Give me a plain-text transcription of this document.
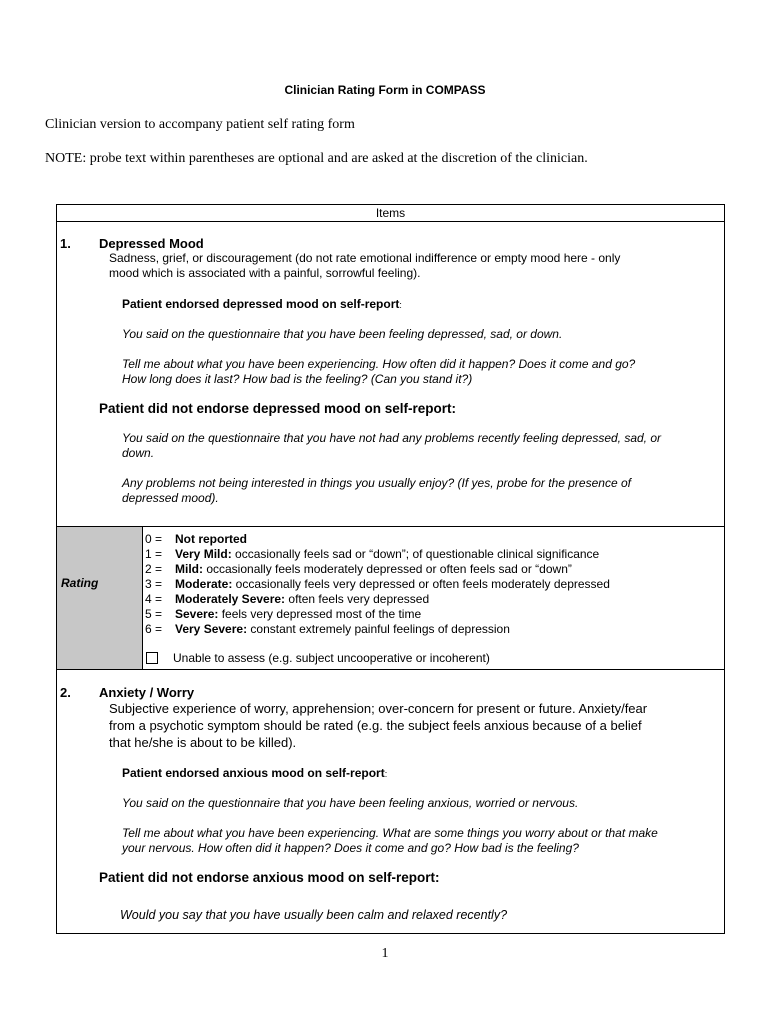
Clinician Rating Form in COMPASS
Clinician version to accompany patient self rating form
NOTE: probe text within parentheses are optional and are asked at the discretion of the clinician.
Items
1. Depressed Mood
Sadness, grief, or discouragement (do not rate emotional indifference or empty mood here - only
mood which is associated with a painful, sorrowful feeling).
Patient endorsed depressed mood on self-report:
You said on the questionnaire that you have been feeling depressed, sad, or down.
Tell me about what you have been experiencing. How often did it happen? Does it come and go?
How long does it last? How bad is the feeling? (Can you stand it?)
Patient did not endorse depressed mood on self-report:
You said on the questionnaire that you have not had any problems recently feeling depressed, sad, or
down.
Any problems not being interested in things you usually enjoy? (If yes, probe for the presence of
depressed mood).
Rating
0 = Not reported
1 = Very Mild: occasionally feels sad or “down”; of questionable clinical significance
2 = Mild: occasionally feels moderately depressed or often feels sad or “down”
3 = Moderate: occasionally feels very depressed or often feels moderately depressed
4 = Moderately Severe: often feels very depressed
5 = Severe: feels very depressed most of the time
6 = Very Severe: constant extremely painful feelings of depression
Unable to assess (e.g. subject uncooperative or incoherent)
2. Anxiety / Worry
Subjective experience of worry, apprehension; over-concern for present or future. Anxiety/fear
from a psychotic symptom should be rated (e.g. the subject feels anxious because of a belief
that he/she is about to be killed).
Patient endorsed anxious mood on self-report:
You said on the questionnaire that you have been feeling anxious, worried or nervous.
Tell me about what you have been experiencing. What are some things you worry about or that make
your nervous. How often did it happen? Does it come and go? How bad is the feeling?
Patient did not endorse anxious mood on self-report:
Would you say that you have usually been calm and relaxed recently?
1
